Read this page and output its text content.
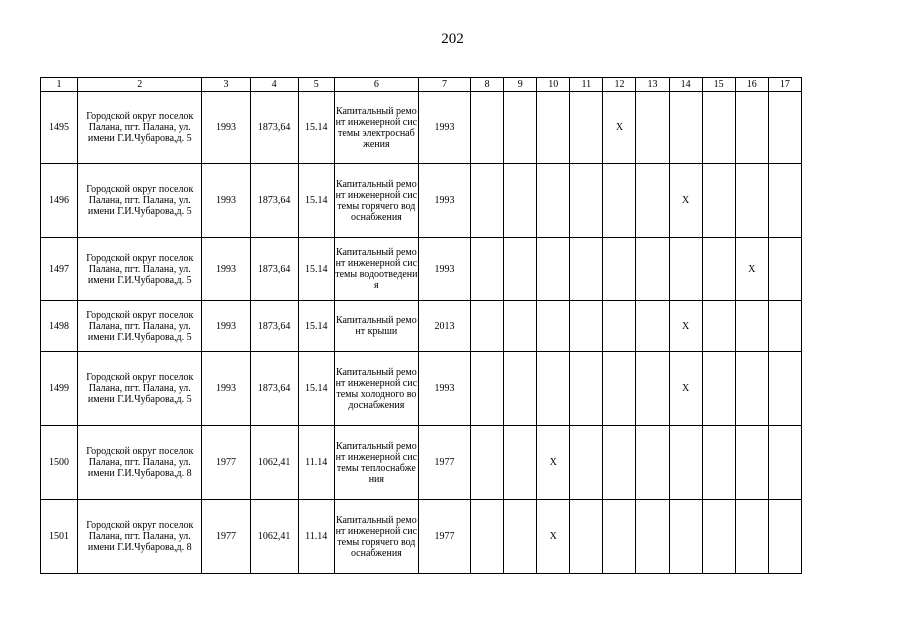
202
1	2	3	4	5	6	7	8	9	10	11	12	13	14	15	16	17
1495	Городской округ поселок Палана, пгт. Палана, ул. имени Г.И.Чубарова,д. 5	1993	1873,64	15.14	Капитальный ремонт инженерной системы электроснабжения	1993					X					
1496	Городской округ поселок Палана, пгт. Палана, ул. имени Г.И.Чубарова,д. 5	1993	1873,64	15.14	Капитальный ремонт инженерной системы горячего водоснабжения	1993							X			
1497	Городской округ поселок Палана, пгт. Палана, ул. имени Г.И.Чубарова,д. 5	1993	1873,64	15.14	Капитальный ремонт инженерной системы водоотведения	1993									X	
1498	Городской округ поселок Палана, пгт. Палана, ул. имени Г.И.Чубарова,д. 5	1993	1873,64	15.14	Капитальный ремонт крыши	2013							X			
1499	Городской округ поселок Палана, пгт. Палана, ул. имени Г.И.Чубарова,д. 5	1993	1873,64	15.14	Капитальный ремонт инженерной системы холодного водоснабжения	1993							X			
1500	Городской округ поселок Палана, пгт. Палана, ул. имени Г.И.Чубарова,д. 8	1977	1062,41	11.14	Капитальный ремонт инженерной системы теплоснабжения	1977			X							
1501	Городской округ поселок Палана, пгт. Палана, ул. имени Г.И.Чубарова,д. 8	1977	1062,41	11.14	Капитальный ремонт инженерной системы горячего водоснабжения	1977			X							
